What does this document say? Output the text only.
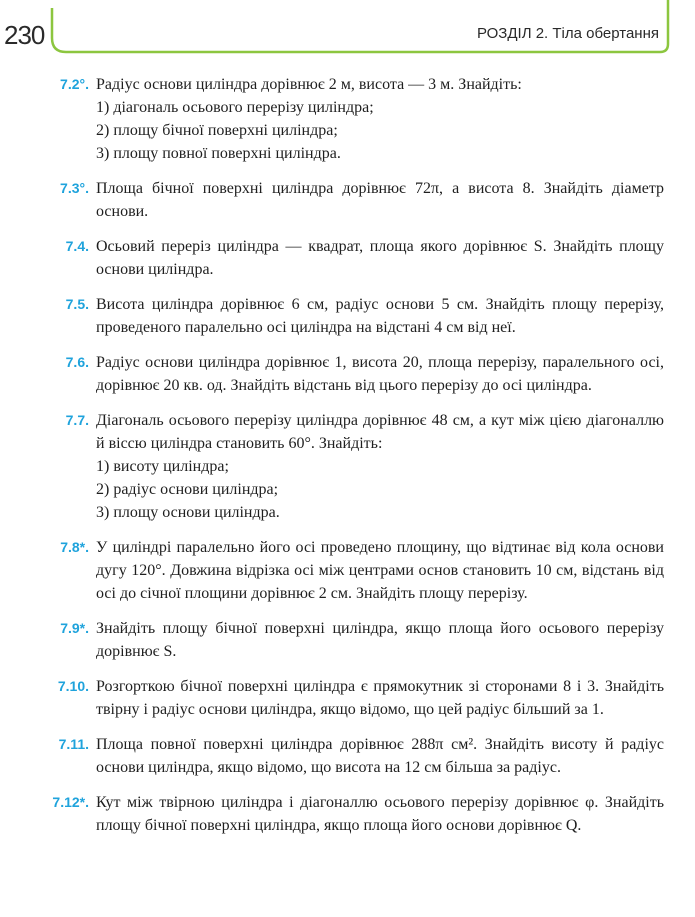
230	РОЗДІЛ 2. Тіла обертання
7.2°. Радіус основи циліндра дорівнює 2 м, висота — 3 м. Знайдіть:
1) діагональ осьового перерізу циліндра;
2) площу бічної поверхні циліндра;
3) площу повної поверхні циліндра.
7.3°. Площа бічної поверхні циліндра дорівнює 72π, а висота 8. Знайдіть діаметр основи.
7.4. Осьовий переріз циліндра — квадрат, площа якого дорівнює S. Знайдіть площу основи циліндра.
7.5. Висота циліндра дорівнює 6 см, радіус основи 5 см. Знайдіть площу перерізу, проведеного паралельно осі циліндра на відстані 4 см від неї.
7.6. Радіус основи циліндра дорівнює 1, висота 20, площа перерізу, паралельного осі, дорівнює 20 кв. од. Знайдіть відстань від цього перерізу до осі циліндра.
7.7. Діагональ осьового перерізу циліндра дорівнює 48 см, а кут між цією діагоналлю й віссю циліндра становить 60°. Знайдіть:
1) висоту циліндра;
2) радіус основи циліндра;
3) площу основи циліндра.
7.8*. У циліндрі паралельно його осі проведено площину, що відтинає від кола основи дугу 120°. Довжина відрізка осі між центрами основ становить 10 см, відстань від осі до січної площини дорівнює 2 см. Знайдіть площу перерізу.
7.9*. Знайдіть площу бічної поверхні циліндра, якщо площа його осьового перерізу дорівнює S.
7.10. Розгорткою бічної поверхні циліндра є прямокутник зі сторонами 8 і 3. Знайдіть твірну і радіус основи циліндра, якщо відомо, що цей радіус більший за 1.
7.11. Площа повної поверхні циліндра дорівнює 288π см². Знайдіть висоту й радіус основи циліндра, якщо відомо, що висота на 12 см більша за радіус.
7.12*. Кут між твірною циліндра і діагоналлю осьового перерізу дорівнює φ. Знайдіть площу бічної поверхні циліндра, якщо площа його основи дорівнює Q.
